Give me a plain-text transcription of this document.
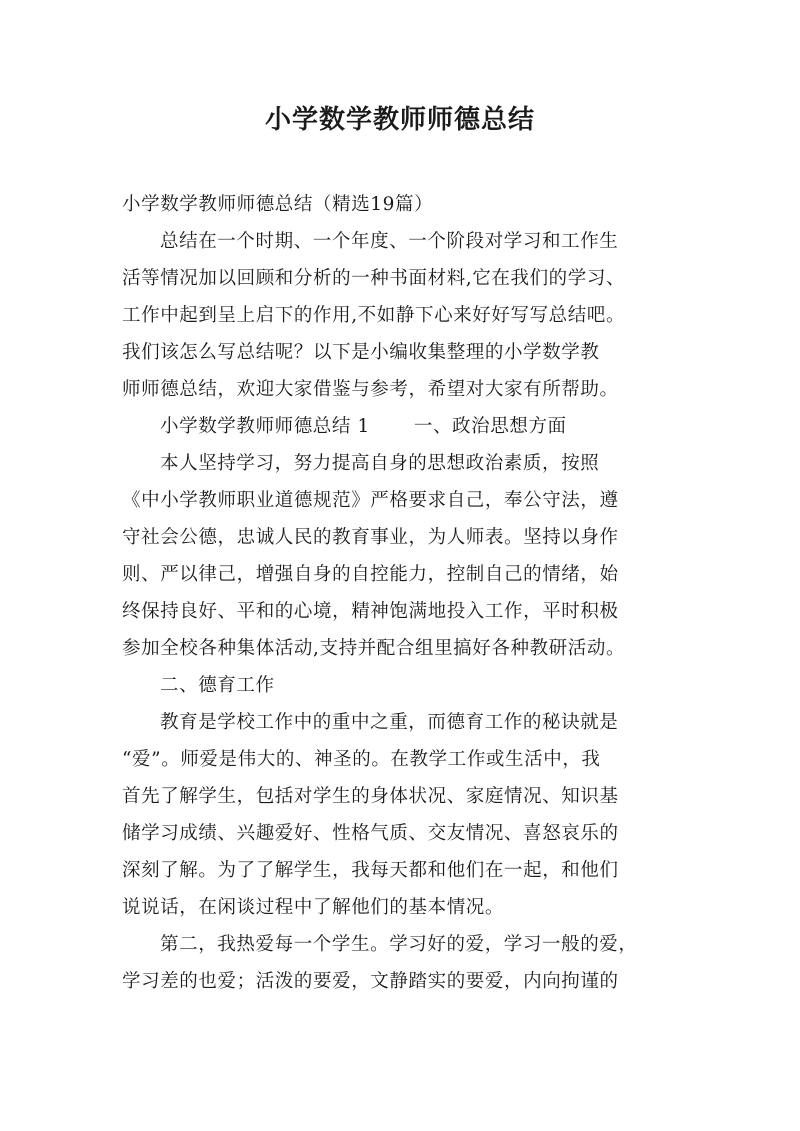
小学数学教师师德总结
小学数学教师师德总结（精选19篇）
总结在一个时期、一个年度、一个阶段对学习和工作生
活等情况加以回顾和分析的一种书面材料,它在我们的学习、
工作中起到呈上启下的作用,不如静下心来好好写写总结吧。
我们该怎么写总结呢？以下是小编收集整理的小学数学教
师师德总结，欢迎大家借鉴与参考，希望对大家有所帮助。
小学数学教师师德总结 1 一、政治思想方面
本人坚持学习，努力提高自身的思想政治素质，按照
《中小学教师职业道德规范》严格要求自己，奉公守法，遵
守社会公德，忠诚人民的教育事业，为人师表。坚持以身作
则、严以律己，增强自身的自控能力，控制自己的情绪，始
终保持良好、平和的心境，精神饱满地投入工作，平时积极
参加全校各种集体活动,支持并配合组里搞好各种教研活动。
二、德育工作
教育是学校工作中的重中之重，而德育工作的秘诀就是
“爱”。师爱是伟大的、神圣的。在教学工作或生活中，我
首先了解学生，包括对学生的身体状况、家庭情况、知识基
储学习成绩、兴趣爱好、性格气质、交友情况、喜怒哀乐的
深刻了解。为了了解学生，我每天都和他们在一起，和他们
说说话，在闲谈过程中了解他们的基本情况。
第二，我热爱每一个学生。学习好的爱，学习一般的爱，
学习差的也爱；活泼的要爱，文静踏实的要爱，内向拘谨的
